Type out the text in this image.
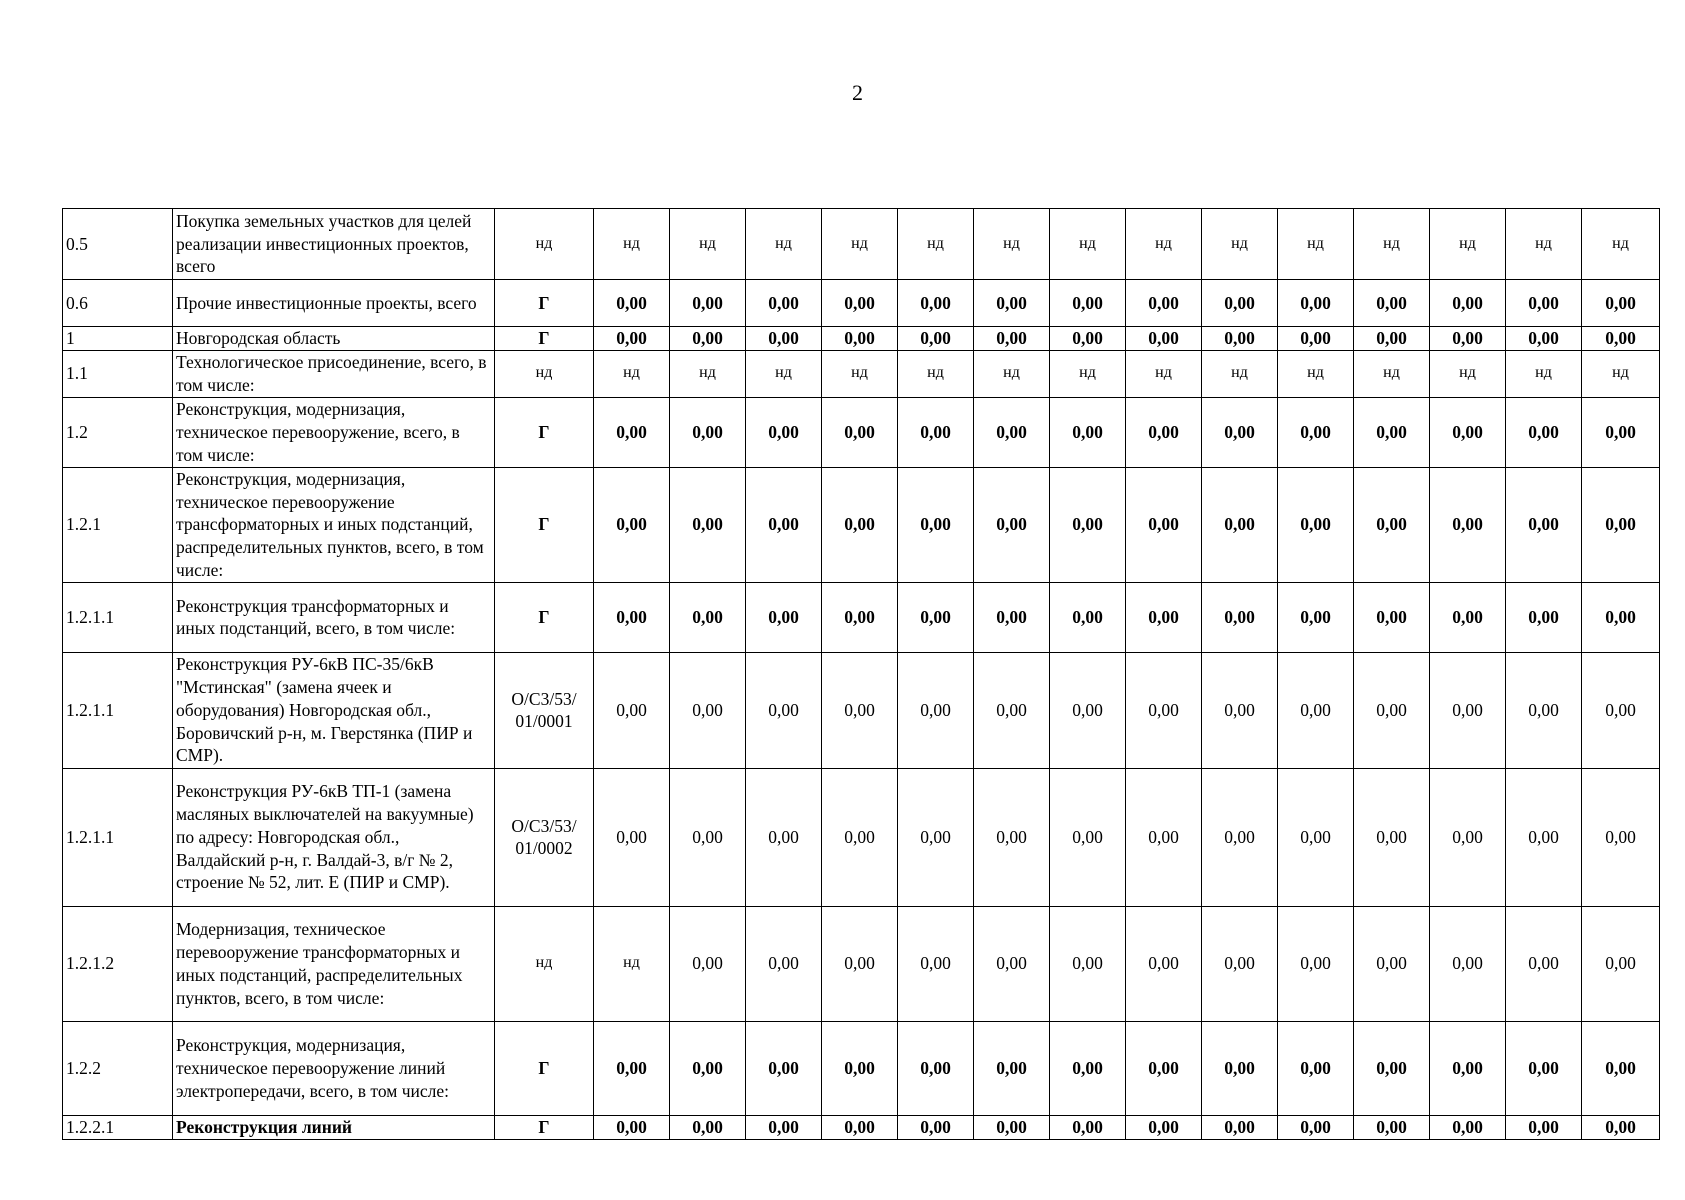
2
0.5	Покупка земельных участков для целей реализации инвестиционных проектов, всего	нд	нд	нд	нд	нд	нд	нд	нд	нд	нд	нд	нд	нд	нд	нд
0.6	Прочие инвестиционные проекты, всего	Г	0,00	0,00	0,00	0,00	0,00	0,00	0,00	0,00	0,00	0,00	0,00	0,00	0,00	0,00
1	Новгородская область	Г	0,00	0,00	0,00	0,00	0,00	0,00	0,00	0,00	0,00	0,00	0,00	0,00	0,00	0,00
1.1	Технологическое присоединение, всего, в том числе:	нд	нд	нд	нд	нд	нд	нд	нд	нд	нд	нд	нд	нд	нд	нд
1.2	Реконструкция, модернизация, техническое перевооружение, всего, в том числе:	Г	0,00	0,00	0,00	0,00	0,00	0,00	0,00	0,00	0,00	0,00	0,00	0,00	0,00	0,00
1.2.1	Реконструкция, модернизация, техническое перевооружение трансформаторных и иных подстанций, распределительных пунктов, всего, в том числе:	Г	0,00	0,00	0,00	0,00	0,00	0,00	0,00	0,00	0,00	0,00	0,00	0,00	0,00	0,00
1.2.1.1	Реконструкция трансформаторных и иных подстанций, всего, в том числе:	Г	0,00	0,00	0,00	0,00	0,00	0,00	0,00	0,00	0,00	0,00	0,00	0,00	0,00	0,00
1.2.1.1	Реконструкция РУ-6кВ ПС-35/6кВ "Мстинская" (замена ячеек и оборудования) Новгородская обл., Боровичский р-н, м. Гверстянка (ПИР и СМР).	О/С3/53/ 01/0001	0,00	0,00	0,00	0,00	0,00	0,00	0,00	0,00	0,00	0,00	0,00	0,00	0,00	0,00
1.2.1.1	Реконструкция РУ-6кВ ТП-1 (замена масляных выключателей на вакуумные) по адресу: Новгородская обл., Валдайский р-н, г. Валдай-3, в/г № 2, строение № 52, лит. Е (ПИР и СМР).	О/С3/53/ 01/0002	0,00	0,00	0,00	0,00	0,00	0,00	0,00	0,00	0,00	0,00	0,00	0,00	0,00	0,00
1.2.1.2	Модернизация, техническое перевооружение трансформаторных и иных подстанций, распределительных пунктов, всего, в том числе:	нд	нд	0,00	0,00	0,00	0,00	0,00	0,00	0,00	0,00	0,00	0,00	0,00	0,00	0,00
1.2.2	Реконструкция, модернизация, техническое перевооружение линий электропередачи, всего, в том числе:	Г	0,00	0,00	0,00	0,00	0,00	0,00	0,00	0,00	0,00	0,00	0,00	0,00	0,00	0,00
1.2.2.1	Реконструкция линий	Г	0,00	0,00	0,00	0,00	0,00	0,00	0,00	0,00	0,00	0,00	0,00	0,00	0,00	0,00
